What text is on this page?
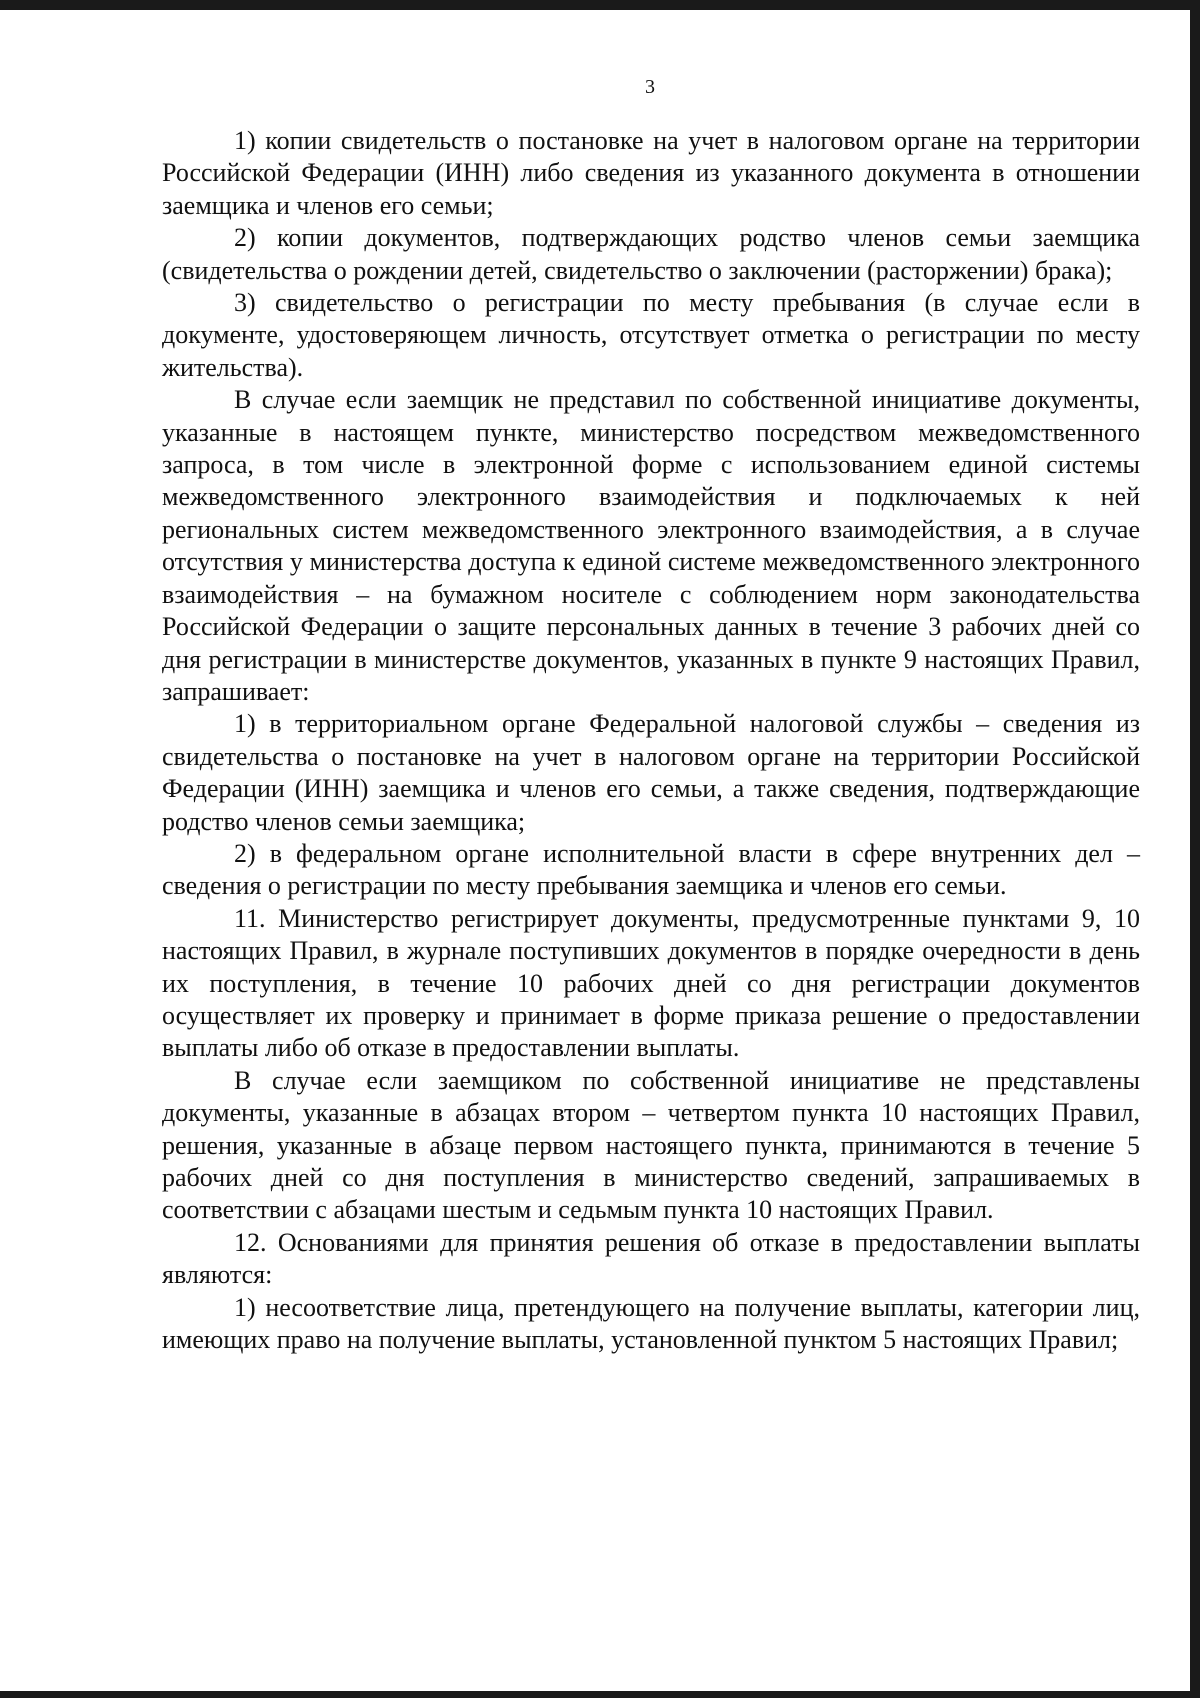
3

1) копии свидетельств о постановке на учет в налоговом органе на территории Российской Федерации (ИНН) либо сведения из указанного документа в отношении заемщика и членов его семьи;

2) копии документов, подтверждающих родство членов семьи заемщика (свидетельства о рождении детей, свидетельство о заключении (расторжении) брака);

3) свидетельство о регистрации по месту пребывания (в случае если в документе, удостоверяющем личность, отсутствует отметка о регистрации по месту жительства).

В случае если заемщик не представил по собственной инициативе документы, указанные в настоящем пункте, министерство посредством межведомственного запроса, в том числе в электронной форме с использованием единой системы межведомственного электронного взаимодействия и подключаемых к ней региональных систем межведомственного электронного взаимодействия, а в случае отсутствия у министерства доступа к единой системе межведомственного электронного взаимодействия – на бумажном носителе с соблюдением норм законодательства Российской Федерации о защите персональных данных в течение 3 рабочих дней со дня регистрации в министерстве документов, указанных в пункте 9 настоящих Правил, запрашивает:

1) в территориальном органе Федеральной налоговой службы – сведения из свидетельства о постановке на учет в налоговом органе на территории Российской Федерации (ИНН) заемщика и членов его семьи, а также сведения, подтверждающие родство членов семьи заемщика;

2) в федеральном органе исполнительной власти в сфере внутренних дел – сведения о регистрации по месту пребывания заемщика и членов его семьи.

11. Министерство регистрирует документы, предусмотренные пунктами 9, 10 настоящих Правил, в журнале поступивших документов в порядке очередности в день их поступления, в течение 10 рабочих дней со дня регистрации документов осуществляет их проверку и принимает в форме приказа решение о предоставлении выплаты либо об отказе в предоставлении выплаты.

В случае если заемщиком по собственной инициативе не представлены документы, указанные в абзацах втором – четвертом пункта 10 настоящих Правил, решения, указанные в абзаце первом настоящего пункта, принимаются в течение 5 рабочих дней со дня поступления в министерство сведений, запрашиваемых в соответствии с абзацами шестым и седьмым пункта 10 настоящих Правил.

12. Основаниями для принятия решения об отказе в предоставлении выплаты являются:

1) несоответствие лица, претендующего на получение выплаты, категории лиц, имеющих право на получение выплаты, установленной пунктом 5 настоящих Правил;
